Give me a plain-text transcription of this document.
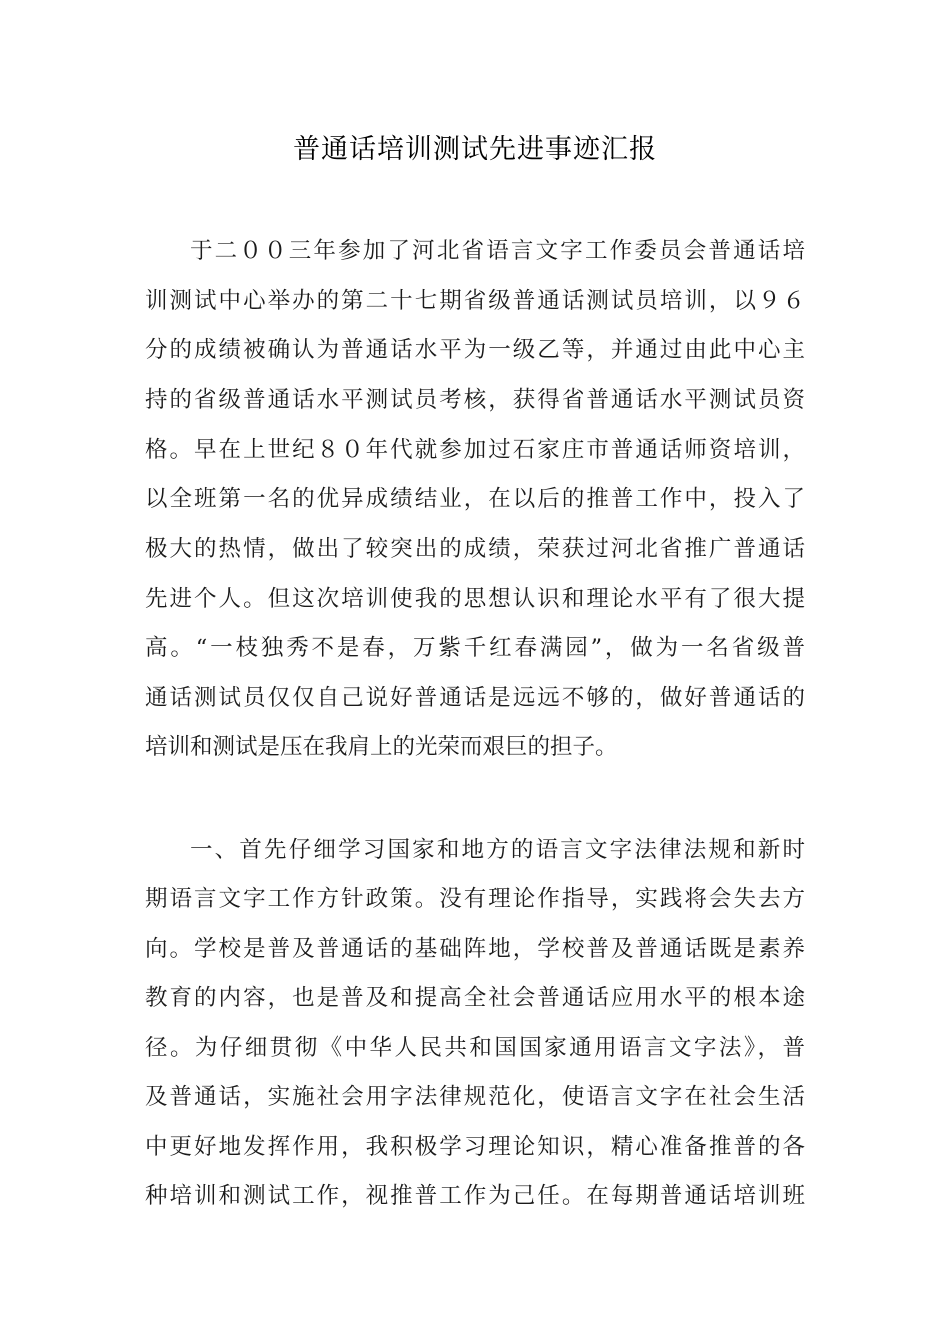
普通话培训测试先进事迹汇报
于二００三年参加了河北省语言文字工作委员会普通话培
训测试中心举办的第二十七期省级普通话测试员培训，以９６
分的成绩被确认为普通话水平为一级乙等，并通过由此中心主
持的省级普通话水平测试员考核，获得省普通话水平测试员资
格。早在上世纪８０年代就参加过石家庄市普通话师资培训，
以全班第一名的优异成绩结业，在以后的推普工作中，投入了
极大的热情，做出了较突出的成绩，荣获过河北省推广普通话
先进个人。但这次培训使我的思想认识和理论水平有了很大提
高。“一枝独秀不是春，万紫千红春满园”，做为一名省级普
通话测试员仅仅自己说好普通话是远远不够的，做好普通话的
培训和测试是压在我肩上的光荣而艰巨的担子。
一、首先仔细学习国家和地方的语言文字法律法规和新时
期语言文字工作方针政策。没有理论作指导，实践将会失去方
向。学校是普及普通话的基础阵地，学校普及普通话既是素养
教育的内容，也是普及和提高全社会普通话应用水平的根本途
径。为仔细贯彻《中华人民共和国国家通用语言文字法》，普
及普通话，实施社会用字法律规范化，使语言文字在社会生活
中更好地发挥作用，我积极学习理论知识，精心准备推普的各
种培训和测试工作，视推普工作为己任。在每期普通话培训班
